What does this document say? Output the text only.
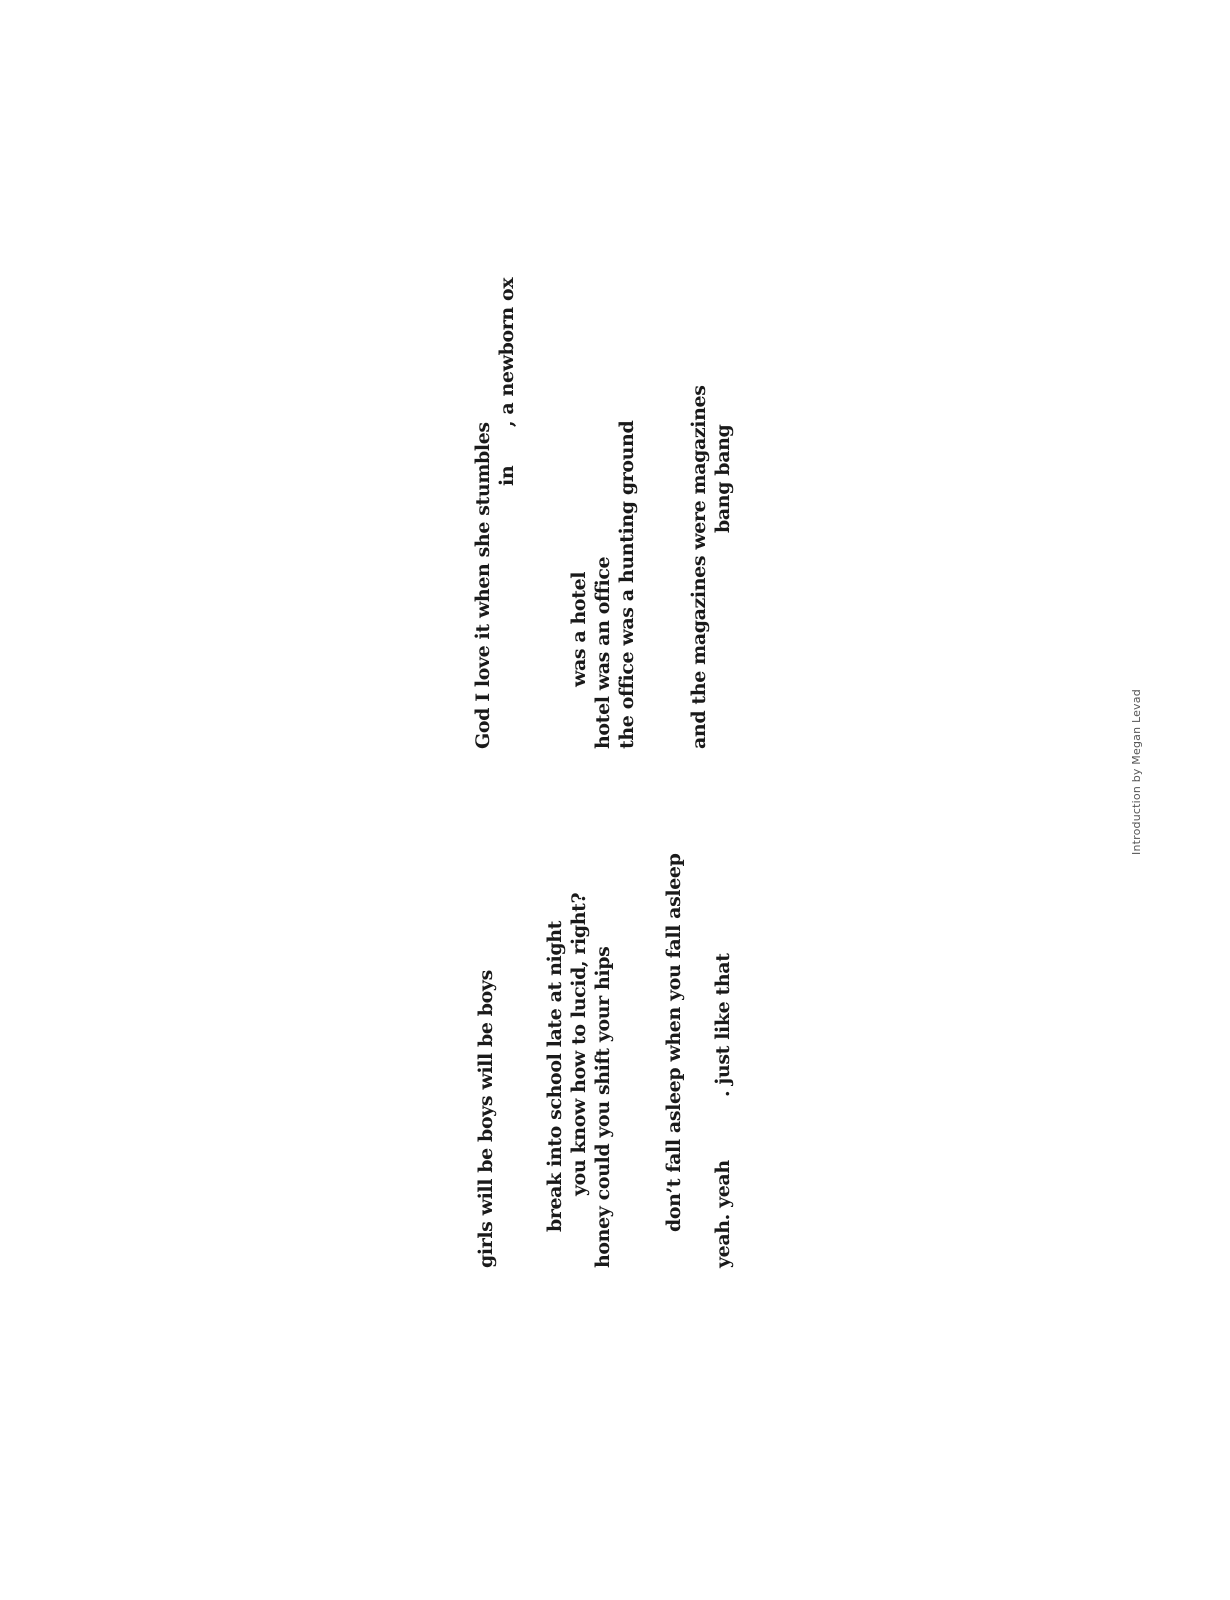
girls will be boys will be boys break into school late at night you know how to lucid, right? honey could you shift your hips	don’t fall asleep when you fall asleep yeah. yeah
. just like that
God I love it when she stumbles in
, a newborn ox
was a hotel hotel was an office the office was a hunting ground	and the magazines were magazines bang bang
Introduction by Megan Levad
